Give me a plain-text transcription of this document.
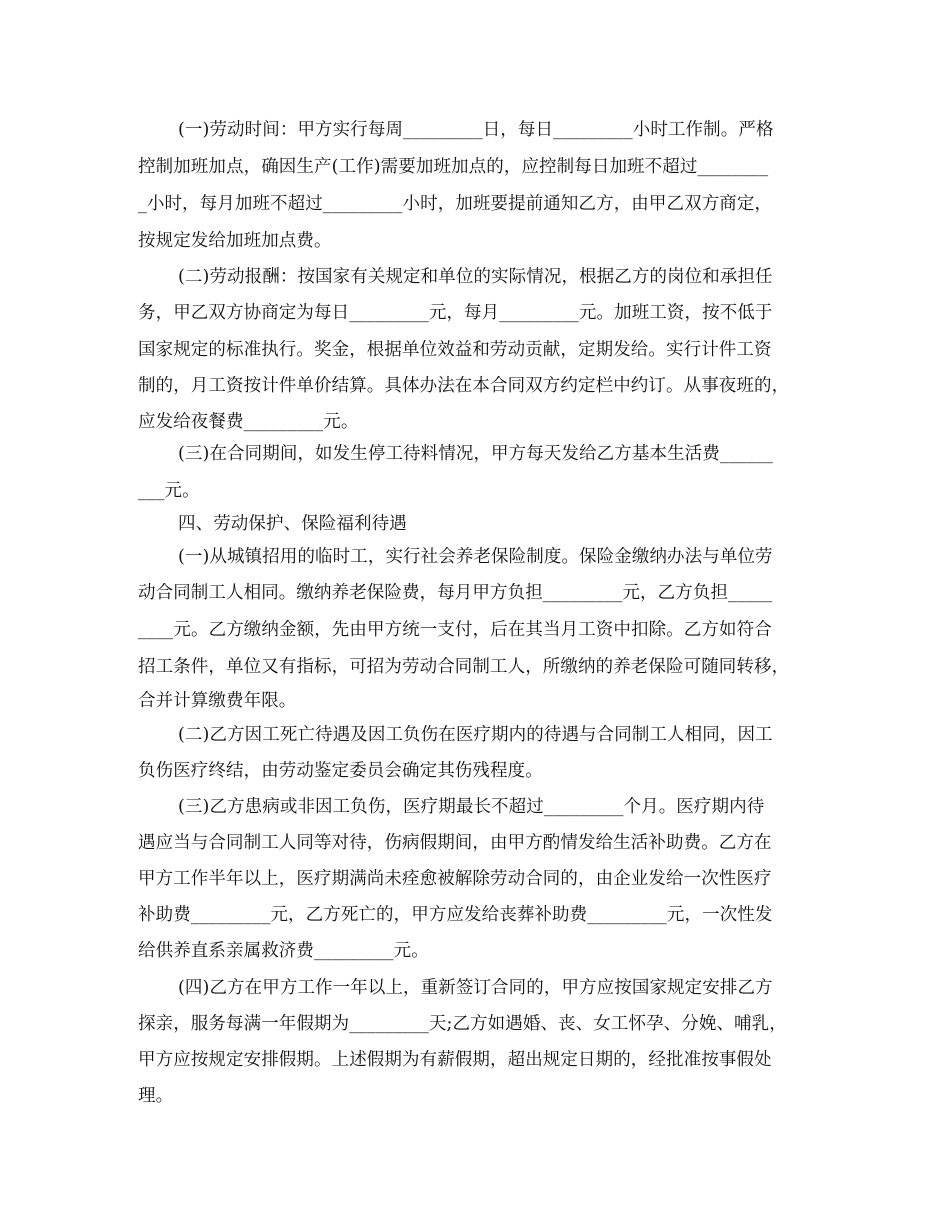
(一)劳动时间：甲方实行每周_________日，每日_________小时工作制。严格
控制加班加点，确因生产(工作)需要加班加点的，应控制每日加班不超过________
_小时，每月加班不超过_________小时，加班要提前通知乙方，由甲乙双方商定，
按规定发给加班加点费。
(二)劳动报酬：按国家有关规定和单位的实际情况，根据乙方的岗位和承担任
务，甲乙双方协商定为每日_________元，每月_________元。加班工资，按不低于
国家规定的标准执行。奖金，根据单位效益和劳动贡献，定期发给。实行计件工资
制的，月工资按计件单价结算。具体办法在本合同双方约定栏中约订。从事夜班的，
应发给夜餐费_________元。
(三)在合同期间，如发生停工待料情况，甲方每天发给乙方基本生活费______
___元。
四、劳动保护、保险福利待遇
(一)从城镇招用的临时工，实行社会养老保险制度。保险金缴纳办法与单位劳
动合同制工人相同。缴纳养老保险费，每月甲方负担_________元，乙方负担_____
____元。乙方缴纳金额，先由甲方统一支付，后在其当月工资中扣除。乙方如符合
招工条件，单位又有指标，可招为劳动合同制工人，所缴纳的养老保险可随同转移，
合并计算缴费年限。
(二)乙方因工死亡待遇及因工负伤在医疗期内的待遇与合同制工人相同，因工
负伤医疗终结，由劳动鉴定委员会确定其伤残程度。
(三)乙方患病或非因工负伤，医疗期最长不超过_________个月。医疗期内待
遇应当与合同制工人同等对待，伤病假期间，由甲方酌情发给生活补助费。乙方在
甲方工作半年以上，医疗期满尚未痊愈被解除劳动合同的，由企业发给一次性医疗
补助费_________元，乙方死亡的，甲方应发给丧葬补助费_________元，一次性发
给供养直系亲属救济费_________元。
(四)乙方在甲方工作一年以上，重新签订合同的，甲方应按国家规定安排乙方
探亲，服务每满一年假期为_________天;乙方如遇婚、丧、女工怀孕、分娩、哺乳，
甲方应按规定安排假期。上述假期为有薪假期，超出规定日期的，经批准按事假处
理。
